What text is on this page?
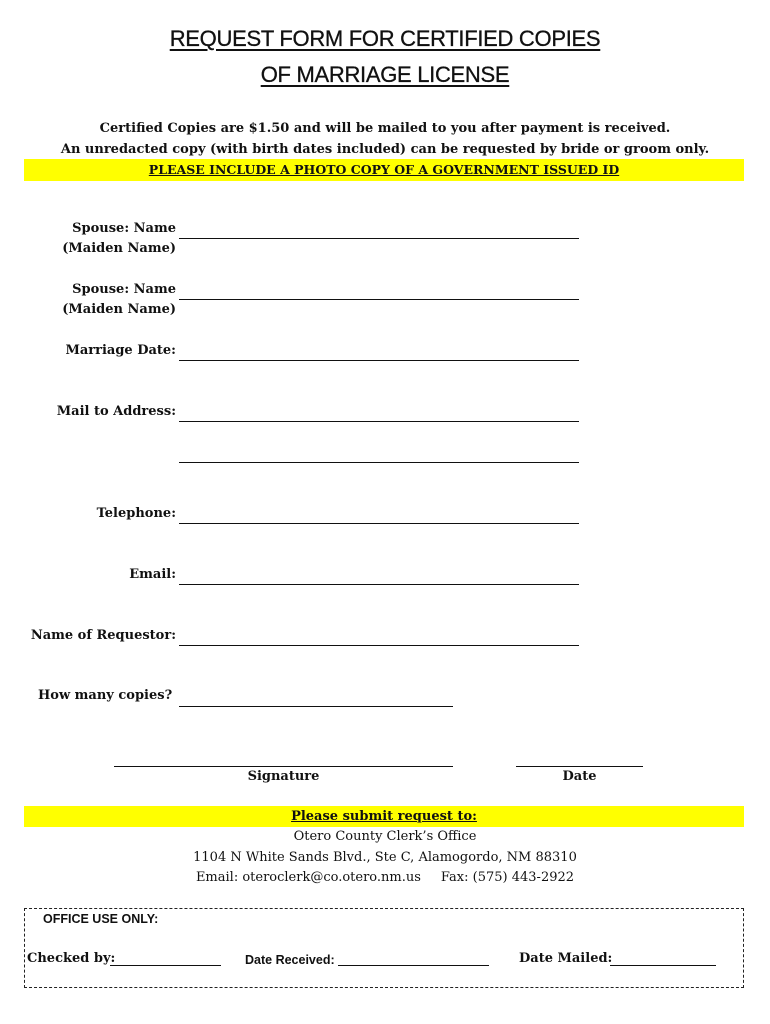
REQUEST FORM FOR CERTIFIED COPIES
OF MARRIAGE LICENSE
Certified Copies are $1.50 and will be mailed to you after payment is received.
An unredacted copy (with birth dates included) can be requested by bride or groom only.
PLEASE INCLUDE A PHOTO COPY OF A GOVERNMENT ISSUED ID
Spouse: Name
(Maiden Name)
Spouse: Name
(Maiden Name)
Marriage Date:
Mail to Address:
Telephone:
Email:
Name of Requestor:
How many copies?
Signature	Date
Please submit request to:
Otero County Clerk’s Office
1104 N White Sands Blvd., Ste C, Alamogordo, NM 88310
Email: oteroclerk@co.otero.nm.us Fax: (575) 443-2922
OFFICE USE ONLY:
Checked by:	Date Received:	Date Mailed:
